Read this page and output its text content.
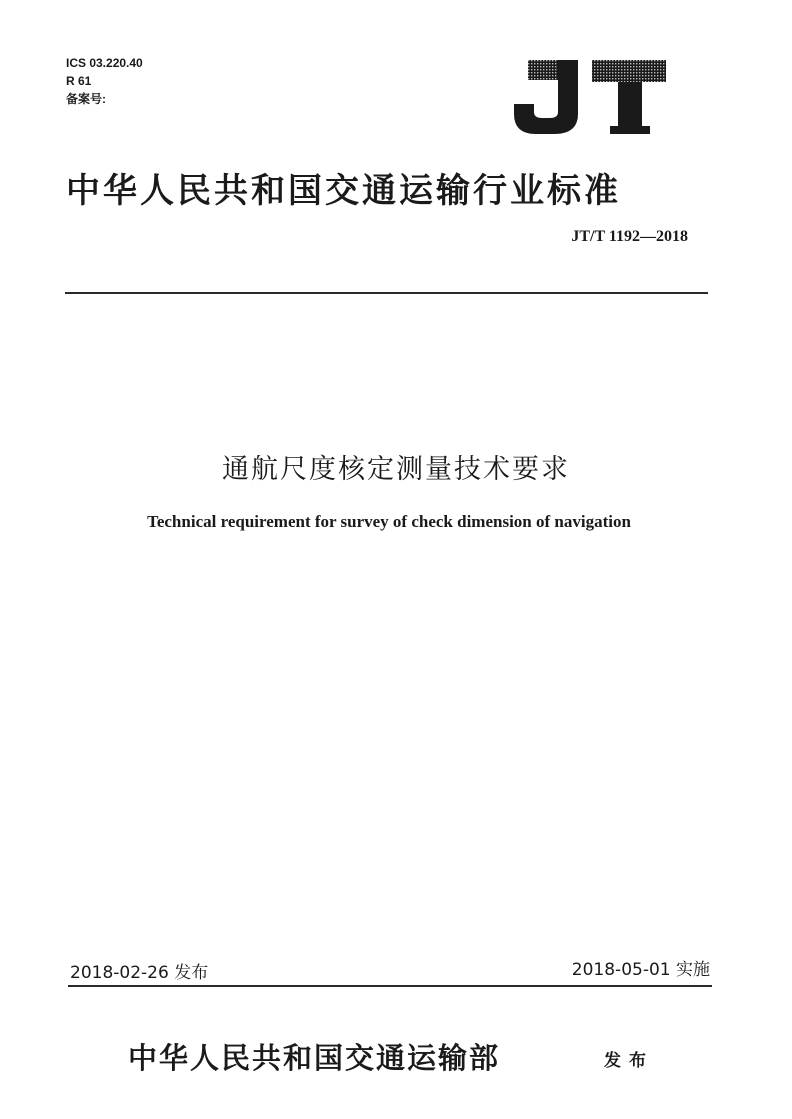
ICS 03.220.40
R 61
备案号:
中华人民共和国交通运输行业标准
JT/T 1192—2018
通航尺度核定测量技术要求
Technical requirement for survey of check dimension of navigation
2018-02-26 发布	2018-05-01 实施
中华人民共和国交通运输部	发布
